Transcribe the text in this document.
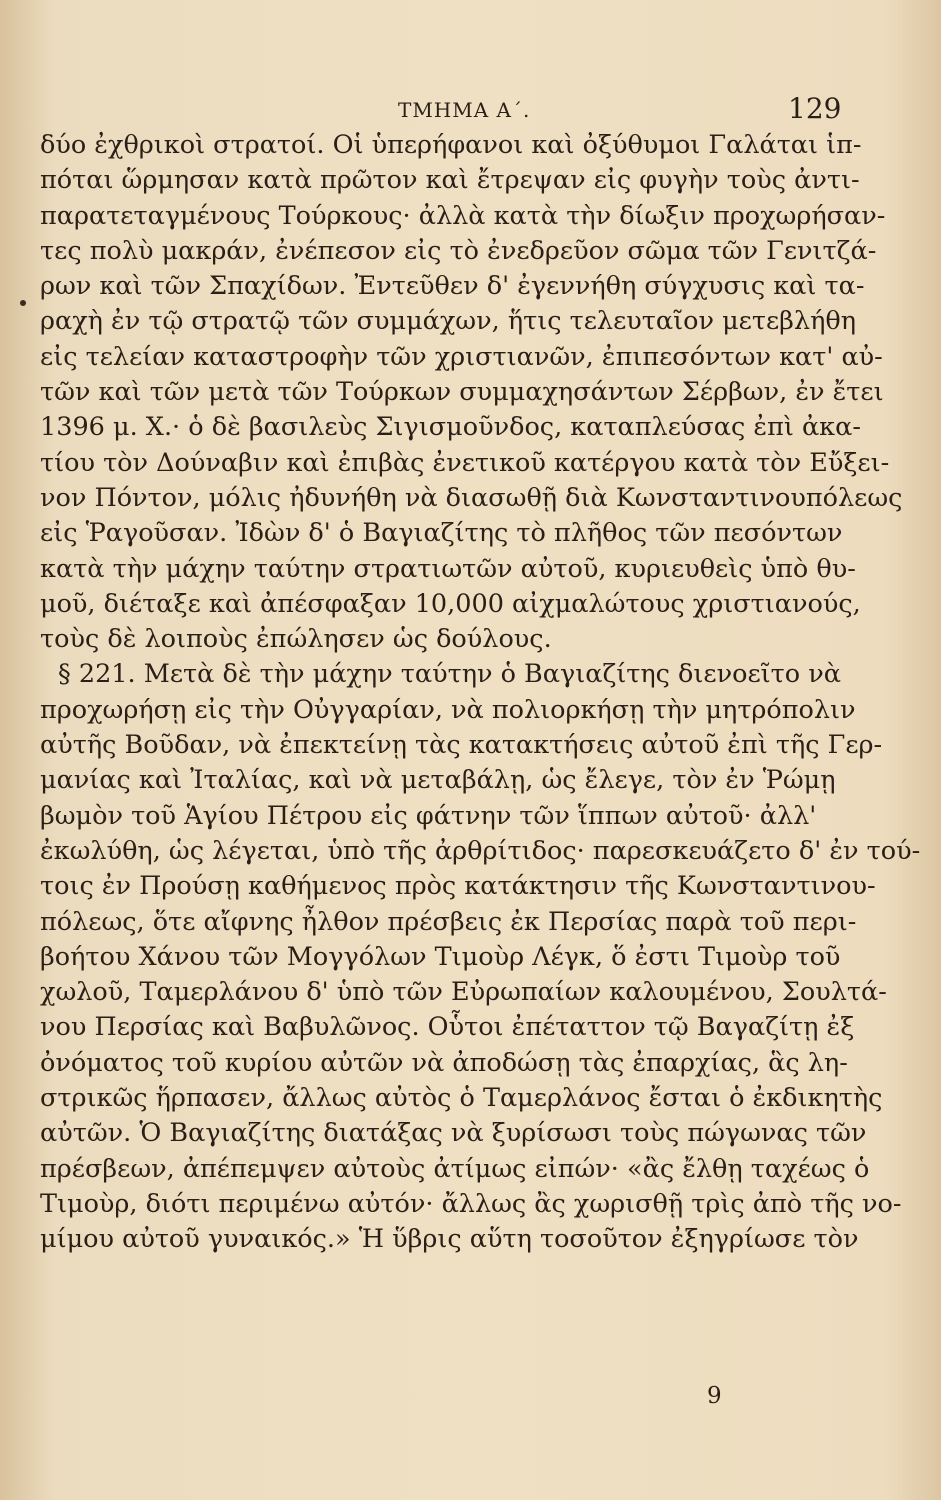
ΤΜΗΜΑ Α΄.	129
δύο ἐχθρικοὶ στρατοί. Οἱ ὑπερήφανοι καὶ ὀξύθυμοι Γαλάται ἱπ-
πόται ὥρμησαν κατὰ πρῶτον καὶ ἔτρεψαν εἰς φυγὴν τοὺς ἀντι-
παρατεταγμένους Τούρκους· ἀλλὰ κατὰ τὴν δίωξιν προχωρήσαν-
τες πολὺ μακράν, ἐνέπεσον εἰς τὸ ἐνεδρεῦον σῶμα τῶν Γενιτζά-
ρων καὶ τῶν Σπαχίδων. Ἐντεῦθεν δ' ἐγεννήθη σύγχυσις καὶ τα-
ραχὴ ἐν τῷ στρατῷ τῶν συμμάχων, ἥτις τελευταῖον μετεβλήθη
εἰς τελείαν καταστροφὴν τῶν χριστιανῶν, ἐπιπεσόντων κατ' αὐ-
τῶν καὶ τῶν μετὰ τῶν Τούρκων συμμαχησάντων Σέρβων, ἐν ἔτει
1396 μ. Χ.· ὁ δὲ βασιλεὺς Σιγισμοῦνδος, καταπλεύσας ἐπὶ ἀκα-
τίου τὸν Δούναβιν καὶ ἐπιβὰς ἐνετικοῦ κατέργου κατὰ τὸν Εὔξει-
νον Πόντον, μόλις ἠδυνήθη νὰ διασωθῇ διὰ Κωνσταντινουπόλεως
εἰς Ῥαγοῦσαν. Ἰδὼν δ' ὁ Βαγιαζίτης τὸ πλῆθος τῶν πεσόντων
κατὰ τὴν μάχην ταύτην στρατιωτῶν αὐτοῦ, κυριευθεὶς ὑπὸ θυ-
μοῦ, διέταξε καὶ ἀπέσφαξαν 10,000 αἰχμαλώτους χριστιανούς,
τοὺς δὲ λοιποὺς ἐπώλησεν ὡς δούλους.
§ 221. Μετὰ δὲ τὴν μάχην ταύτην ὁ Βαγιαζίτης διενοεῖτο νὰ
προχωρήσῃ εἰς τὴν Οὐγγαρίαν, νὰ πολιορκήσῃ τὴν μητρόπολιν
αὐτῆς Βοῦδαν, νὰ ἐπεκτείνῃ τὰς κατακτήσεις αὐτοῦ ἐπὶ τῆς Γερ-
μανίας καὶ Ἰταλίας, καὶ νὰ μεταβάλῃ, ὡς ἔλεγε, τὸν ἐν Ῥώμῃ
βωμὸν τοῦ Ἁγίου Πέτρου εἰς φάτνην τῶν ἵππων αὐτοῦ· ἀλλ'
ἐκωλύθη, ὡς λέγεται, ὑπὸ τῆς ἀρθρίτιδος· παρεσκευάζετο δ' ἐν τού-
τοις ἐν Προύσῃ καθήμενος πρὸς κατάκτησιν τῆς Κωνσταντινου-
πόλεως, ὅτε αἴφνης ἦλθον πρέσβεις ἐκ Περσίας παρὰ τοῦ περι-
βοήτου Χάνου τῶν Μογγόλων Τιμοὺρ Λέγκ, ὅ ἐστι Τιμοὺρ τοῦ
χωλοῦ, Ταμερλάνου δ' ὑπὸ τῶν Εὐρωπαίων καλουμένου, Σουλτά-
νου Περσίας καὶ Βαβυλῶνος. Οὗτοι ἐπέταττον τῷ Βαγαζίτῃ ἐξ
ὀνόματος τοῦ κυρίου αὐτῶν νὰ ἀποδώσῃ τὰς ἐπαρχίας, ἃς λη-
στρικῶς ἥρπασεν, ἄλλως αὐτὸς ὁ Ταμερλάνος ἔσται ὁ ἐκδικητὴς
αὐτῶν. Ὁ Βαγιαζίτης διατάξας νὰ ξυρίσωσι τοὺς πώγωνας τῶν
πρέσβεων, ἀπέπεμψεν αὐτοὺς ἀτίμως εἰπών· «ἂς ἔλθῃ ταχέως ὁ
Τιμοὺρ, διότι περιμένω αὐτόν· ἄλλως ἂς χωρισθῇ τρὶς ἀπὸ τῆς νο-
μίμου αὐτοῦ γυναικός.» Ἡ ὕβρις αὕτη τοσοῦτον ἐξηγρίωσε τὸν
9
